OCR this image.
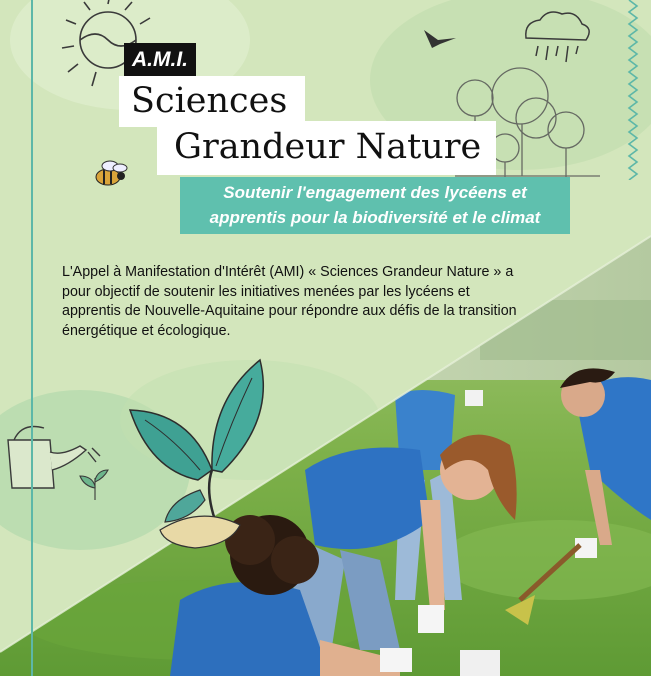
A.M.I.
Sciences
Grandeur Nature
Soutenir l'engagement des lycéens et
apprentis pour la biodiversité et le climat

L'Appel à Manifestation d'Intérêt (AMI) « Sciences Grandeur Nature » a pour objectif de soutenir les initiatives menées par les lycéens et apprentis de Nouvelle-Aquitaine pour répondre aux défis de la transition énergétique et écologique.
